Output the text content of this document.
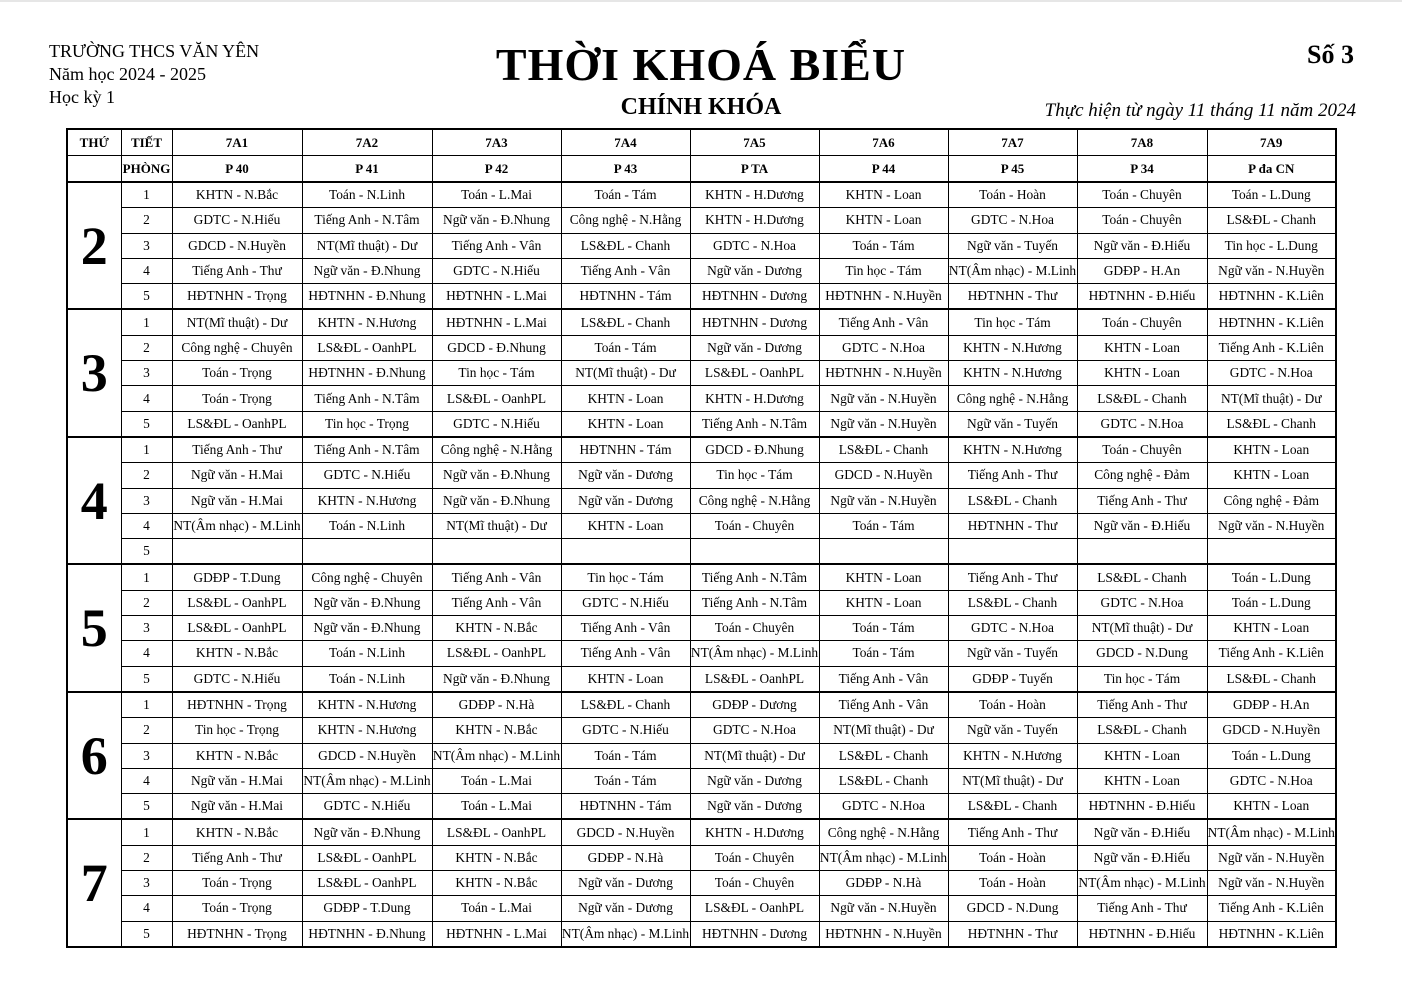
TRƯỜNG THCS VĂN YÊN
Năm học 2024 - 2025
Học kỳ 1
THỜI KHOÁ BIỂU
CHÍNH KHÓA
Số 3
Thực hiện từ ngày 11 tháng 11 năm 2024
THỨ	TIẾT	7A1	7A2	7A3	7A4	7A5	7A6	7A7	7A8	7A9
	PHÒNG	P 40	P 41	P 42	P 43	P TA	P 44	P 45	P 34	P đa CN
2	1	KHTN - N.Bắc	Toán - N.Linh	Toán - L.Mai	Toán - Tám	KHTN - H.Dương	KHTN - Loan	Toán - Hoàn	Toán - Chuyên	Toán - L.Dung
	2	GDTC - N.Hiếu	Tiếng Anh - N.Tâm	Ngữ văn - Đ.Nhung	Công nghệ - N.Hằng	KHTN - H.Dương	KHTN - Loan	GDTC - N.Hoa	Toán - Chuyên	LS&ĐL - Chanh
	3	GDCD - N.Huyền	NT(Mĩ thuật) - Dư	Tiếng Anh - Vân	LS&ĐL - Chanh	GDTC - N.Hoa	Toán - Tám	Ngữ văn - Tuyến	Ngữ văn - Đ.Hiếu	Tin học - L.Dung
	4	Tiếng Anh - Thư	Ngữ văn - Đ.Nhung	GDTC - N.Hiếu	Tiếng Anh - Vân	Ngữ văn - Dương	Tin học - Tám	NT(Âm nhạc) - M.Linh	GDĐP - H.An	Ngữ văn - N.Huyền
	5	HĐTNHN - Trọng	HĐTNHN - Đ.Nhung	HĐTNHN - L.Mai	HĐTNHN - Tám	HĐTNHN - Dương	HĐTNHN - N.Huyền	HĐTNHN - Thư	HĐTNHN - Đ.Hiếu	HĐTNHN - K.Liên
3	1	NT(Mĩ thuật) - Dư	KHTN - N.Hương	HĐTNHN - L.Mai	LS&ĐL - Chanh	HĐTNHN - Dương	Tiếng Anh - Vân	Tin học - Tám	Toán - Chuyên	HĐTNHN - K.Liên
	2	Công nghệ - Chuyên	LS&ĐL - OanhPL	GDCD - Đ.Nhung	Toán - Tám	Ngữ văn - Dương	GDTC - N.Hoa	KHTN - N.Hương	KHTN - Loan	Tiếng Anh - K.Liên
	3	Toán - Trọng	HĐTNHN - Đ.Nhung	Tin học - Tám	NT(Mĩ thuật) - Dư	LS&ĐL - OanhPL	HĐTNHN - N.Huyền	KHTN - N.Hương	KHTN - Loan	GDTC - N.Hoa
	4	Toán - Trọng	Tiếng Anh - N.Tâm	LS&ĐL - OanhPL	KHTN - Loan	KHTN - H.Dương	Ngữ văn - N.Huyền	Công nghệ - N.Hằng	LS&ĐL - Chanh	NT(Mĩ thuật) - Dư
	5	LS&ĐL - OanhPL	Tin học - Trọng	GDTC - N.Hiếu	KHTN - Loan	Tiếng Anh - N.Tâm	Ngữ văn - N.Huyền	Ngữ văn - Tuyến	GDTC - N.Hoa	LS&ĐL - Chanh
4	1	Tiếng Anh - Thư	Tiếng Anh - N.Tâm	Công nghệ - N.Hằng	HĐTNHN - Tám	GDCD - Đ.Nhung	LS&ĐL - Chanh	KHTN - N.Hương	Toán - Chuyên	KHTN - Loan
	2	Ngữ văn - H.Mai	GDTC - N.Hiếu	Ngữ văn - Đ.Nhung	Ngữ văn - Dương	Tin học - Tám	GDCD - N.Huyền	Tiếng Anh - Thư	Công nghệ - Đảm	KHTN - Loan
	3	Ngữ văn - H.Mai	KHTN - N.Hương	Ngữ văn - Đ.Nhung	Ngữ văn - Dương	Công nghệ - N.Hằng	Ngữ văn - N.Huyền	LS&ĐL - Chanh	Tiếng Anh - Thư	Công nghệ - Đảm
	4	NT(Âm nhạc) - M.Linh	Toán - N.Linh	NT(Mĩ thuật) - Dư	KHTN - Loan	Toán - Chuyên	Toán - Tám	HĐTNHN - Thư	Ngữ văn - Đ.Hiếu	Ngữ văn - N.Huyền
	5									
5	1	GDĐP - T.Dung	Công nghệ - Chuyên	Tiếng Anh - Vân	Tin học - Tám	Tiếng Anh - N.Tâm	KHTN - Loan	Tiếng Anh - Thư	LS&ĐL - Chanh	Toán - L.Dung
	2	LS&ĐL - OanhPL	Ngữ văn - Đ.Nhung	Tiếng Anh - Vân	GDTC - N.Hiếu	Tiếng Anh - N.Tâm	KHTN - Loan	LS&ĐL - Chanh	GDTC - N.Hoa	Toán - L.Dung
	3	LS&ĐL - OanhPL	Ngữ văn - Đ.Nhung	KHTN - N.Bắc	Tiếng Anh - Vân	Toán - Chuyên	Toán - Tám	GDTC - N.Hoa	NT(Mĩ thuật) - Dư	KHTN - Loan
	4	KHTN - N.Bắc	Toán - N.Linh	LS&ĐL - OanhPL	Tiếng Anh - Vân	NT(Âm nhạc) - M.Linh	Toán - Tám	Ngữ văn - Tuyến	GDCD - N.Dung	Tiếng Anh - K.Liên
	5	GDTC - N.Hiếu	Toán - N.Linh	Ngữ văn - Đ.Nhung	KHTN - Loan	LS&ĐL - OanhPL	Tiếng Anh - Vân	GDĐP - Tuyến	Tin học - Tám	LS&ĐL - Chanh
6	1	HĐTNHN - Trọng	KHTN - N.Hương	GDĐP - N.Hà	LS&ĐL - Chanh	GDĐP - Dương	Tiếng Anh - Vân	Toán - Hoàn	Tiếng Anh - Thư	GDĐP - H.An
	2	Tin học - Trọng	KHTN - N.Hương	KHTN - N.Bắc	GDTC - N.Hiếu	GDTC - N.Hoa	NT(Mĩ thuật) - Dư	Ngữ văn - Tuyến	LS&ĐL - Chanh	GDCD - N.Huyền
	3	KHTN - N.Bắc	GDCD - N.Huyền	NT(Âm nhạc) - M.Linh	Toán - Tám	NT(Mĩ thuật) - Dư	LS&ĐL - Chanh	KHTN - N.Hương	KHTN - Loan	Toán - L.Dung
	4	Ngữ văn - H.Mai	NT(Âm nhạc) - M.Linh	Toán - L.Mai	Toán - Tám	Ngữ văn - Dương	LS&ĐL - Chanh	NT(Mĩ thuật) - Dư	KHTN - Loan	GDTC - N.Hoa
	5	Ngữ văn - H.Mai	GDTC - N.Hiếu	Toán - L.Mai	HĐTNHN - Tám	Ngữ văn - Dương	GDTC - N.Hoa	LS&ĐL - Chanh	HĐTNHN - Đ.Hiếu	KHTN - Loan
7	1	KHTN - N.Bắc	Ngữ văn - Đ.Nhung	LS&ĐL - OanhPL	GDCD - N.Huyền	KHTN - H.Dương	Công nghệ - N.Hằng	Tiếng Anh - Thư	Ngữ văn - Đ.Hiếu	NT(Âm nhạc) - M.Linh
	2	Tiếng Anh - Thư	LS&ĐL - OanhPL	KHTN - N.Bắc	GDĐP - N.Hà	Toán - Chuyên	NT(Âm nhạc) - M.Linh	Toán - Hoàn	Ngữ văn - Đ.Hiếu	Ngữ văn - N.Huyền
	3	Toán - Trọng	LS&ĐL - OanhPL	KHTN - N.Bắc	Ngữ văn - Dương	Toán - Chuyên	GDĐP - N.Hà	Toán - Hoàn	NT(Âm nhạc) - M.Linh	Ngữ văn - N.Huyền
	4	Toán - Trọng	GDĐP - T.Dung	Toán - L.Mai	Ngữ văn - Dương	LS&ĐL - OanhPL	Ngữ văn - N.Huyền	GDCD - N.Dung	Tiếng Anh - Thư	Tiếng Anh - K.Liên
	5	HĐTNHN - Trọng	HĐTNHN - Đ.Nhung	HĐTNHN - L.Mai	NT(Âm nhạc) - M.Linh	HĐTNHN - Dương	HĐTNHN - N.Huyền	HĐTNHN - Thư	HĐTNHN - Đ.Hiếu	HĐTNHN - K.Liên
